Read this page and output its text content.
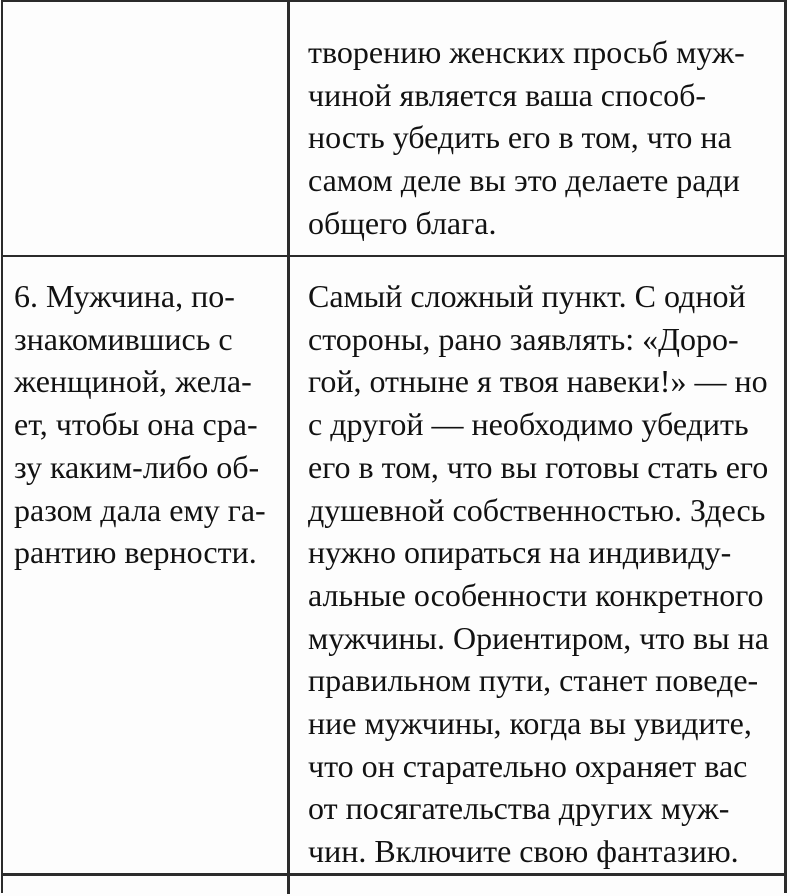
творению женских просьб муж-
чиной является ваша способ-
ность убедить его в том, что на
самом деле вы это делаете ради
общего блага.
6. Мужчина, по-
знакомившись с
женщиной, жела-
ет, чтобы она сра-
зу каким-либо об-
разом дала ему га-
рантию верности.
Самый сложный пункт. С одной
стороны, рано заявлять: «Доро-
гой, отныне я твоя навеки!» — но
с другой — необходимо убедить
его в том, что вы готовы стать его
душевной собственностью. Здесь
нужно опираться на индивиду-
альные особенности конкретного
мужчины. Ориентиром, что вы на
правильном пути, станет поведе-
ние мужчины, когда вы увидите,
что он старательно охраняет вас
от посягательства других муж-
чин. Включите свою фантазию.
